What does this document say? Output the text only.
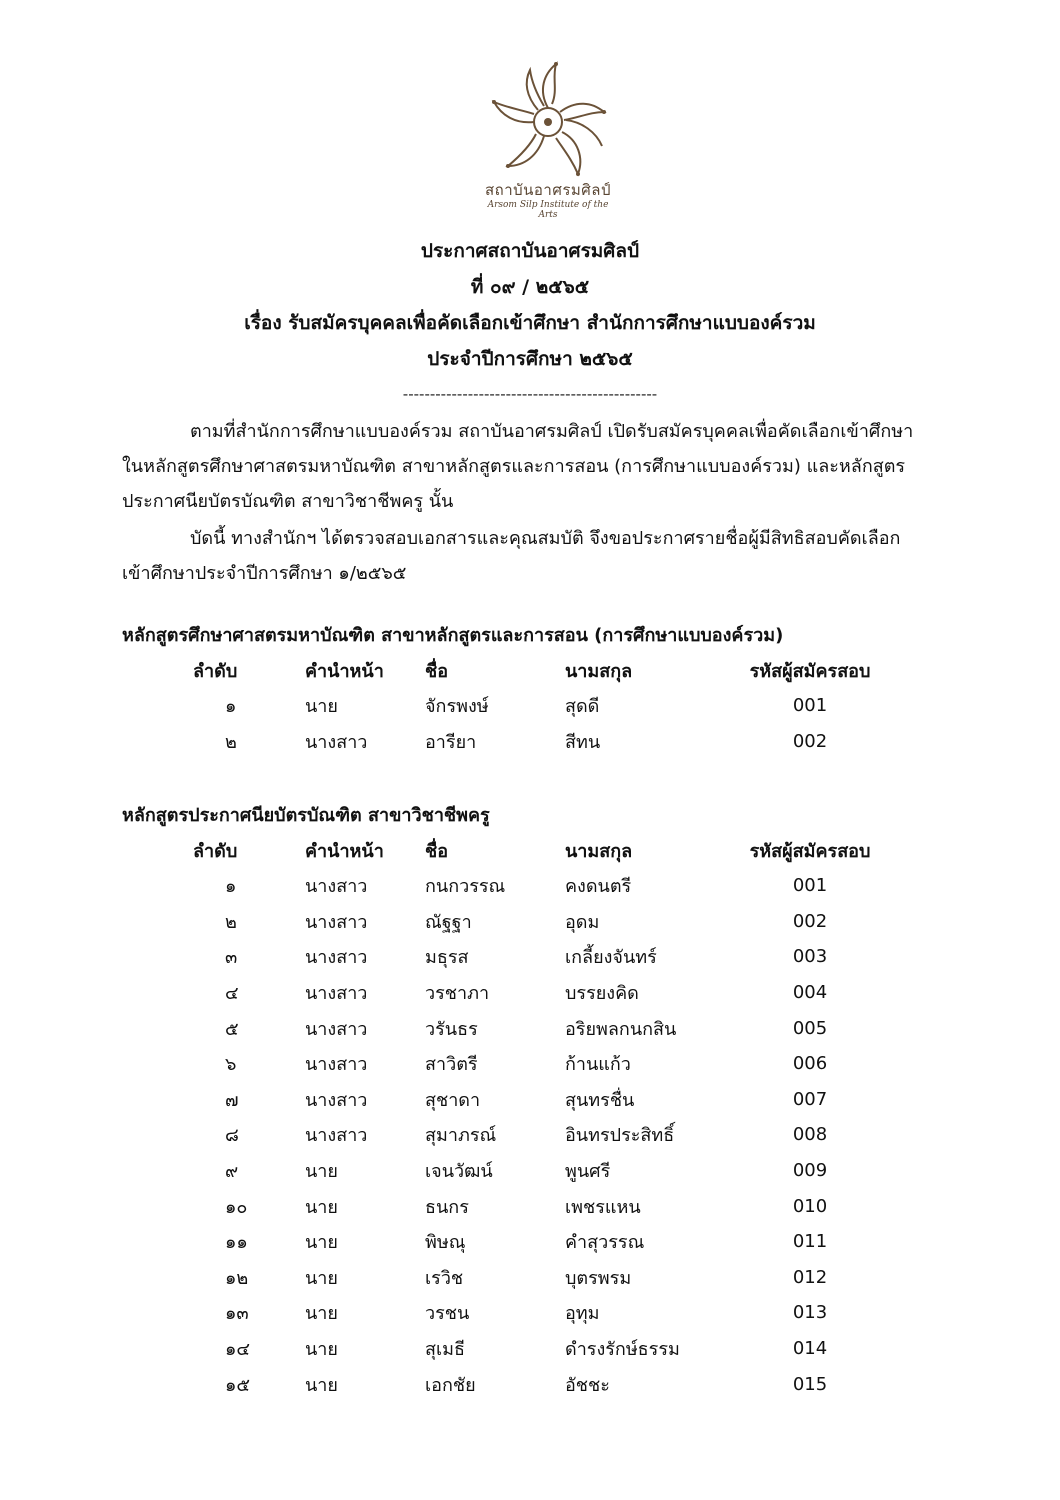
สถาบันอาศรมศิลป์
Arsom Silp Institute of the Arts
ประกาศสถาบันอาศรมศิลป์
ที่ ๐๙ / ๒๕๖๕
เรื่อง รับสมัครบุคคลเพื่อคัดเลือกเข้าศึกษา สำนักการศึกษาแบบองค์รวม
ประจำปีการศึกษา ๒๕๖๕
-----------------------------------------------
ตามที่สำนักการศึกษาแบบองค์รวม สถาบันอาศรมศิลป์ เปิดรับสมัครบุคคลเพื่อคัดเลือกเข้าศึกษา
ในหลักสูตรศึกษาศาสตรมหาบัณฑิต สาขาหลักสูตรและการสอน (การศึกษาแบบองค์รวม) และหลักสูตร
ประกาศนียบัตรบัณฑิต สาขาวิชาชีพครู นั้น
บัดนี้ ทางสำนักฯ ได้ตรวจสอบเอกสารและคุณสมบัติ จึงขอประกาศรายชื่อผู้มีสิทธิสอบคัดเลือก
เข้าศึกษาประจำปีการศึกษา ๑/๒๕๖๕
หลักสูตรศึกษาศาสตรมหาบัณฑิต สาขาหลักสูตรและการสอน (การศึกษาแบบองค์รวม)
ลำดับ	คำนำหน้า	ชื่อ	นามสกุล	รหัสผู้สมัครสอบ
๑	นาย	จักรพงษ์	สุดดี	001
๒	นางสาว	อารียา	สีทน	002
หลักสูตรประกาศนียบัตรบัณฑิต สาขาวิชาชีพครู
ลำดับ	คำนำหน้า	ชื่อ	นามสกุล	รหัสผู้สมัครสอบ
๑	นางสาว	กนกวรรณ	คงดนตรี	001
๒	นางสาว	ณัฐฐา	อุดม	002
๓	นางสาว	มธุรส	เกลี้ยงจันทร์	003
๔	นางสาว	วรชาภา	บรรยงคิด	004
๕	นางสาว	วรันธร	อริยพลกนกสิน	005
๖	นางสาว	สาวิตรี	ก้านแก้ว	006
๗	นางสาว	สุชาดา	สุนทรชื่น	007
๘	นางสาว	สุมาภรณ์	อินทรประสิทธิ์	008
๙	นาย	เจนวัฒน์	พูนศรี	009
๑๐	นาย	ธนกร	เพชรแหน	010
๑๑	นาย	พิษณุ	คำสุวรรณ	011
๑๒	นาย	เรวิช	บุตรพรม	012
๑๓	นาย	วรชน	อุทุม	013
๑๔	นาย	สุเมธี	ดำรงรักษ์ธรรม	014
๑๕	นาย	เอกชัย	อัชชะ	015
